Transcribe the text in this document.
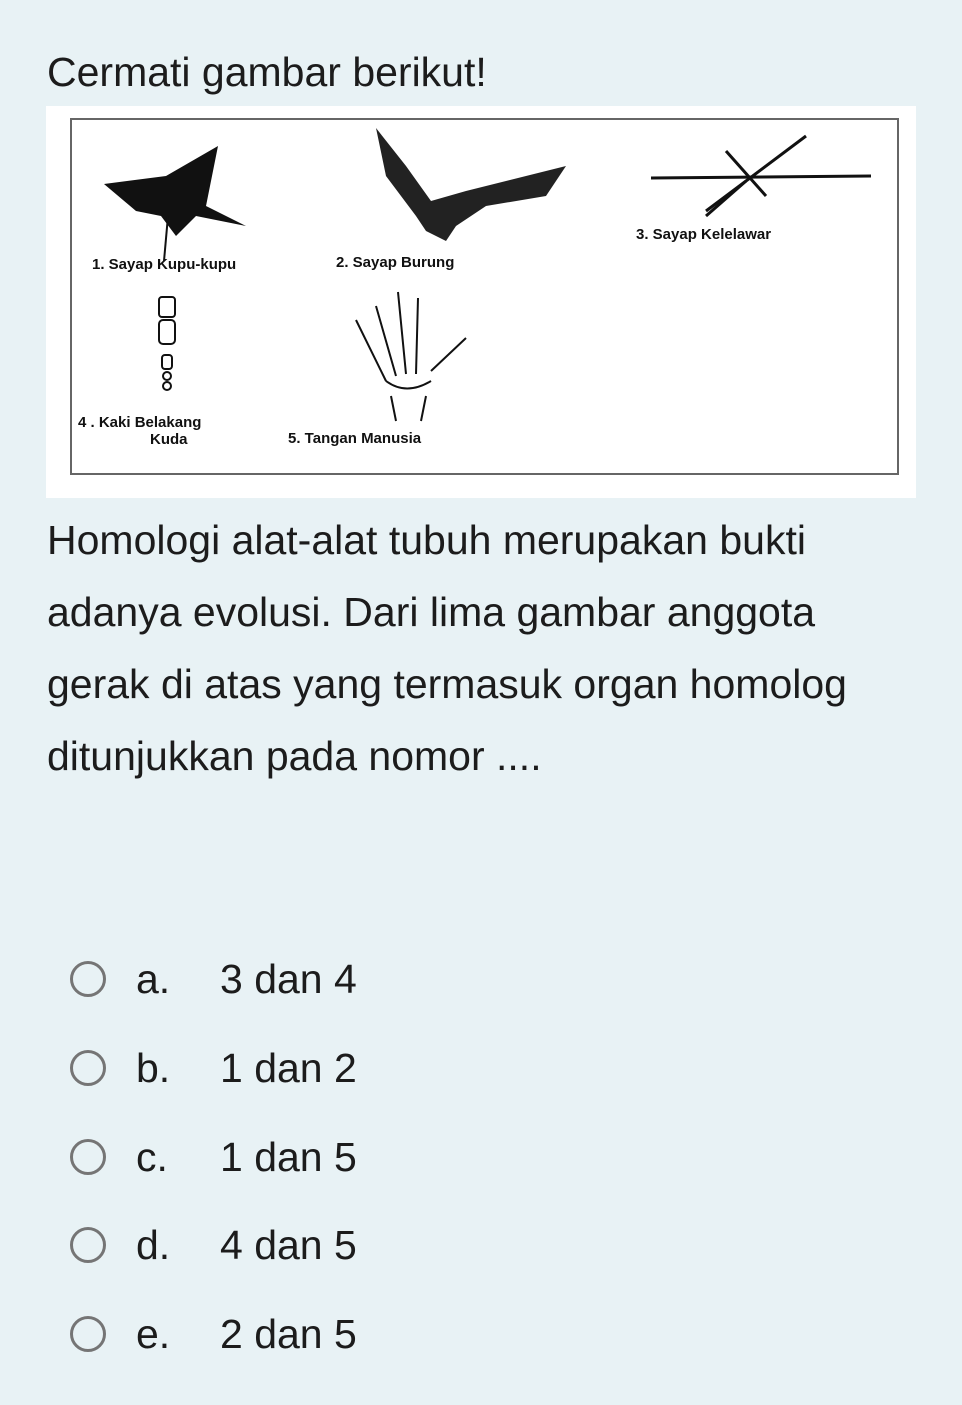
Cermati gambar berikut!
1. Sayap Kupu-kupu	2. Sayap Burung
3. Sayap Kelelawar
4 . Kaki Belakang
Kuda	5. Tangan Manusia
Homologi alat-alat tubuh merupakan bukti adanya evolusi. Dari lima gambar anggota gerak di atas yang termasuk organ homolog ditunjukkan pada nomor ....
a.	3 dan 4
b.	1 dan 2
c.	1 dan 5
d.	4 dan 5
e.	2 dan 5
